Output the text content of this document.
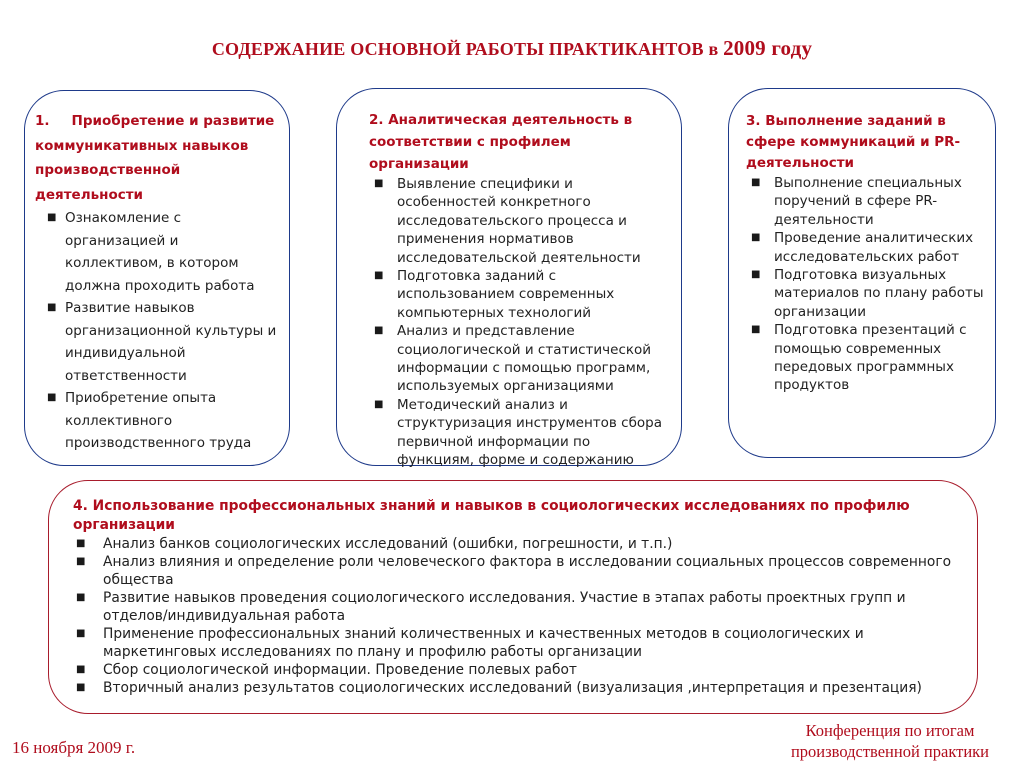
СОДЕРЖАНИЕ ОСНОВНОЙ РАБОТЫ ПРАКТИКАНТОВ в 2009 году

1. Приобретение и развитие коммуникативных навыков производственной деятельности

■ Ознакомление с организацией и коллективом, в котором должна проходить работа
■ Развитие навыков организационной культуры и индивидуальной ответственности
■ Приобретение опыта коллективного производственного труда

2. Аналитическая деятельность в соответствии с профилем организации

■ Выявление специфики и особенностей конкретного исследовательского процесса и применения нормативов исследовательской деятельности
■ Подготовка заданий с использованием современных компьютерных технологий
■ Анализ и представление социологической и статистической информации с помощью программ, используемых организациями
■ Методический анализ и структуризация инструментов сбора первичной информации по функциям, форме и содержанию

3. Выполнение заданий в сфере коммуникаций и PR-деятельности

■ Выполнение специальных поручений в сфере PR-деятельности
■ Проведение аналитических исследовательских работ
■ Подготовка визуальных материалов по плану работы организации
■ Подготовка презентаций с помощью современных передовых программных продуктов

4. Использование профессиональных знаний и навыков в социологических исследованиях по профилю организации

■ Анализ банков социологических исследований (ошибки, погрешности, и т.п.)
■ Анализ влияния и определение роли человеческого фактора в исследовании социальных процессов современного общества
■ Развитие навыков проведения социологического исследования. Участие в этапах работы проектных групп и отделов/индивидуальная работа
■ Применение профессиональных знаний количественных и качественных методов в социологических и маркетинговых исследованиях по плану и профилю работы организации
■ Сбор социологической информации. Проведение полевых работ
■ Вторичный анализ результатов социологических исследований (визуализация ,интерпретация и презентация)
16 ноября 2009 г.
Конференция по итогам производственной практики
